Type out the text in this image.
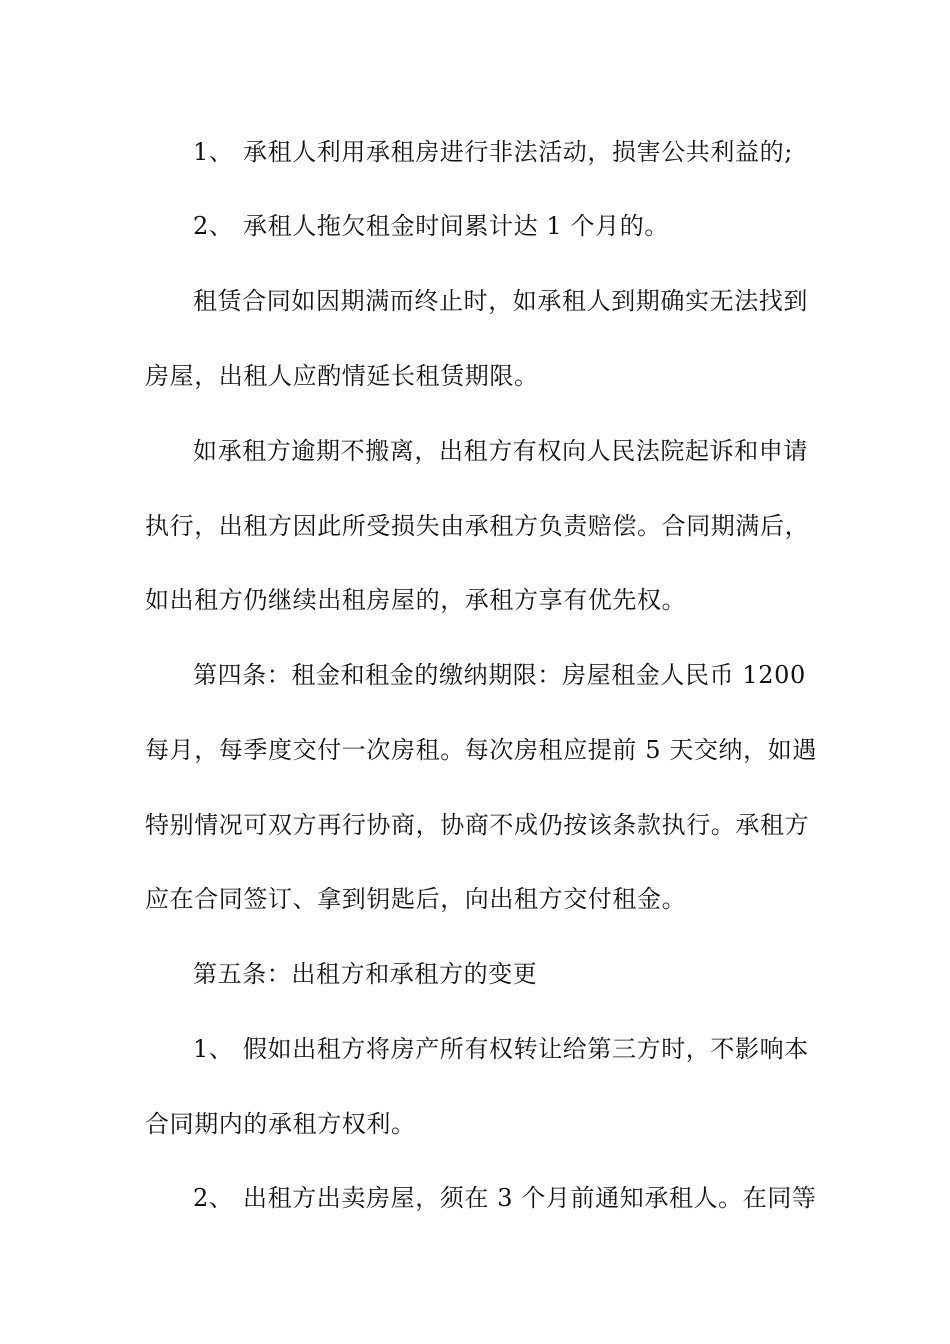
1、 承租人利用承租房进行非法活动，损害公共利益的;
2、 承租人拖欠租金时间累计达 1 个月的。
租赁合同如因期满而终止时，如承租人到期确实无法找到
房屋，出租人应酌情延长租赁期限。
如承租方逾期不搬离，出租方有权向人民法院起诉和申请
执行，出租方因此所受损失由承租方负责赔偿。合同期满后，
如出租方仍继续出租房屋的，承租方享有优先权。
第四条：租金和租金的缴纳期限：房屋租金人民币 1200
每月，每季度交付一次房租。每次房租应提前 5 天交纳，如遇
特别情况可双方再行协商，协商不成仍按该条款执行。承租方
应在合同签订、拿到钥匙后，向出租方交付租金。
第五条：出租方和承租方的变更
1、 假如出租方将房产所有权转让给第三方时，不影响本
合同期内的承租方权利。
2、 出租方出卖房屋，须在 3 个月前通知承租人。在同等
